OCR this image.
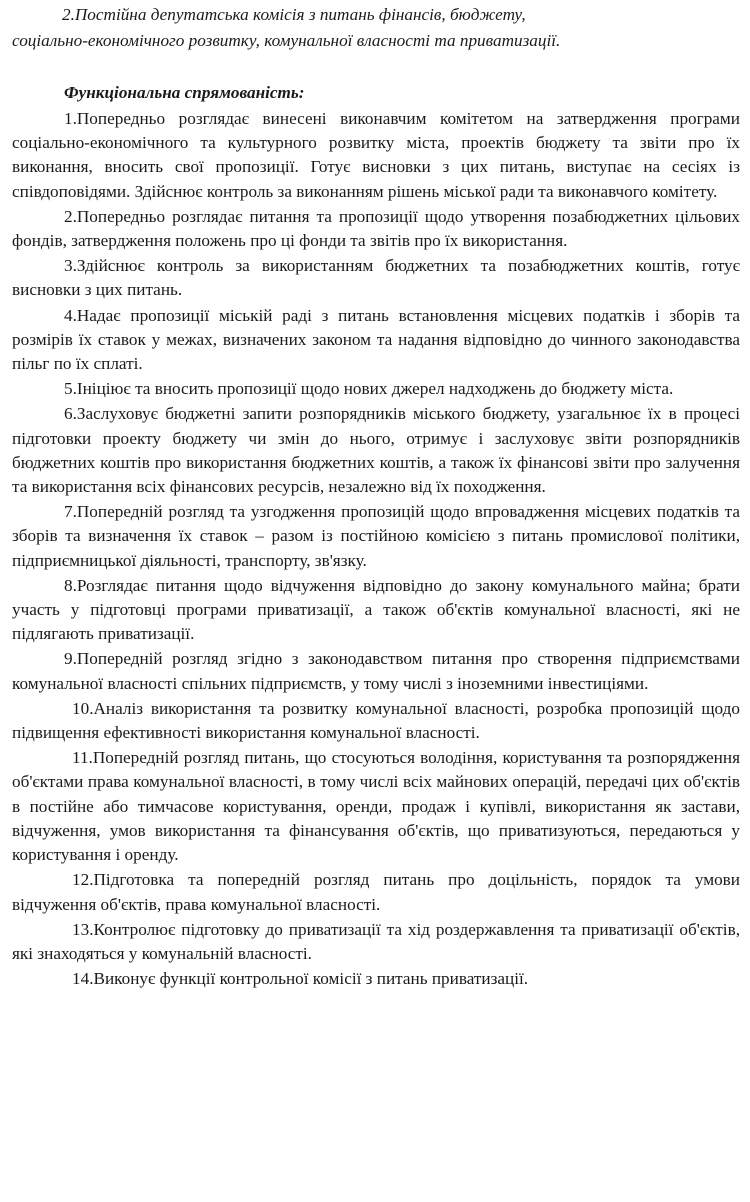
2.Постійна депутатська комісія з питань фінансів, бюджету,
соціально-економічного розвитку, комунальної власності та приватизації.

Функціональна спрямованість:

1.Попередньо розглядає винесені виконавчим комітетом на затвердження програми соціально-економічного та культурного розвитку міста, проектів бюджету та звіти про їх виконання, вносить свої пропозиції. Готує висновки з цих питань, виступає на сесіях із співдоповідями. Здійснює контроль за виконанням рішень міської ради та виконавчого комітету.

2.Попередньо розглядає питання та пропозиції щодо утворення позабюджетних цільових фондів, затвердження положень про ці фонди та звітів про їх використання.

3.Здійснює контроль за використанням бюджетних та позабюджетних коштів, готує висновки з цих питань.

4.Надає пропозиції міській раді з питань встановлення місцевих податків і зборів та розмірів їх ставок у межах, визначених законом та надання відповідно до чинного законодавства пільг по їх сплаті.

5.Ініціює та вносить пропозиції щодо нових джерел надходжень до бюджету міста.

6.Заслуховує бюджетні запити розпорядників міського бюджету, узагальнює їх в процесі підготовки проекту бюджету чи змін до нього, отримує і заслуховує звіти розпорядників бюджетних коштів про використання бюджетних коштів, а також їх фінансові звіти про залучення та використання всіх фінансових ресурсів, незалежно від їх походження.

7.Попередній розгляд та узгодження пропозицій щодо впровадження місцевих податків та зборів та визначення їх ставок – разом із постійною комісією з питань промислової політики, підприємницької діяльності, транспорту, зв'язку.

8.Розглядає питання щодо відчуження відповідно до закону комунального майна; брати участь у підготовці програми приватизації, а також об'єктів комунальної власності, які не підлягають приватизації.

9.Попередній розгляд згідно з законодавством питання про створення підприємствами комунальної власності спільних підприємств, у тому числі з іноземними інвестиціями.

10.Аналіз використання та розвитку комунальної власності, розробка пропозицій щодо підвищення ефективності використання комунальної власності.

11.Попередній розгляд питань, що стосуються володіння, користування та розпорядження об'єктами права комунальної власності, в тому числі всіх майнових операцій, передачі цих об'єктів в постійне або тимчасове користування, оренди, продаж і купівлі, використання як застави, відчуження, умов використання та фінансування об'єктів, що приватизуються, передаються у користування і оренду.

12.Підготовка та попередній розгляд питань про доцільність, порядок та умови відчуження об'єктів, права комунальної власності.

13.Контролює підготовку до приватизації та хід роздержавлення та приватизації об'єктів, які знаходяться у комунальній власності.

14.Виконує функції контрольної комісії з питань приватизації.
